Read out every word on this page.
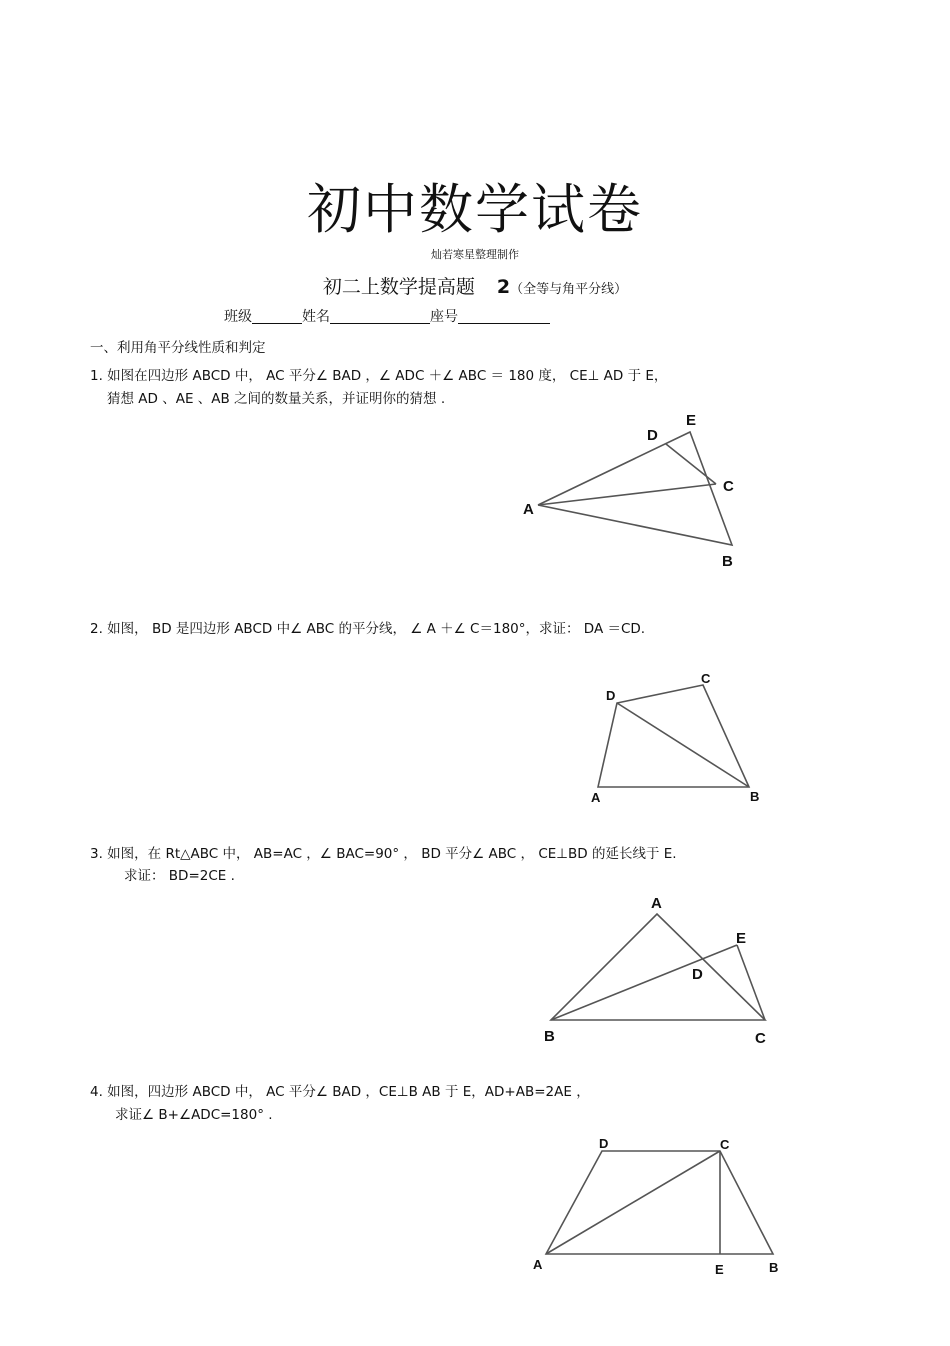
初中数学试卷
灿若寒星整理制作
初二上数学提高题 2（全等与角平分线）
班级	姓名	座号
一、利用角平分线性质和判定
1. 如图在四边形 ABCD 中， AC 平分∠ BAD ，∠ ADC ＋∠ ABC ＝ 180 度， CE⊥ AD 于 E，
猜想 AD 、AE 、AB 之间的数量关系，并证明你的猜想 .
E
D
C
A
B
2. 如图， BD 是四边形 ABCD 中∠ ABC 的平分线， ∠ A ＋∠ C＝180°，求证： DA ＝CD.
C
D
A	B
3. 如图，在 Rt△ABC 中， AB=AC ，∠ BAC=90° ， BD 平分∠ ABC ， CE⊥BD 的延长线于 E.
求证： BD=2CE .
A
E
D
B	C
4. 如图，四边形 ABCD 中， AC 平分∠ BAD ，CE⊥B AB 于 E，AD+AB=2AE ，
求证∠ B+∠ADC=180° .
D	C
A	E	B
